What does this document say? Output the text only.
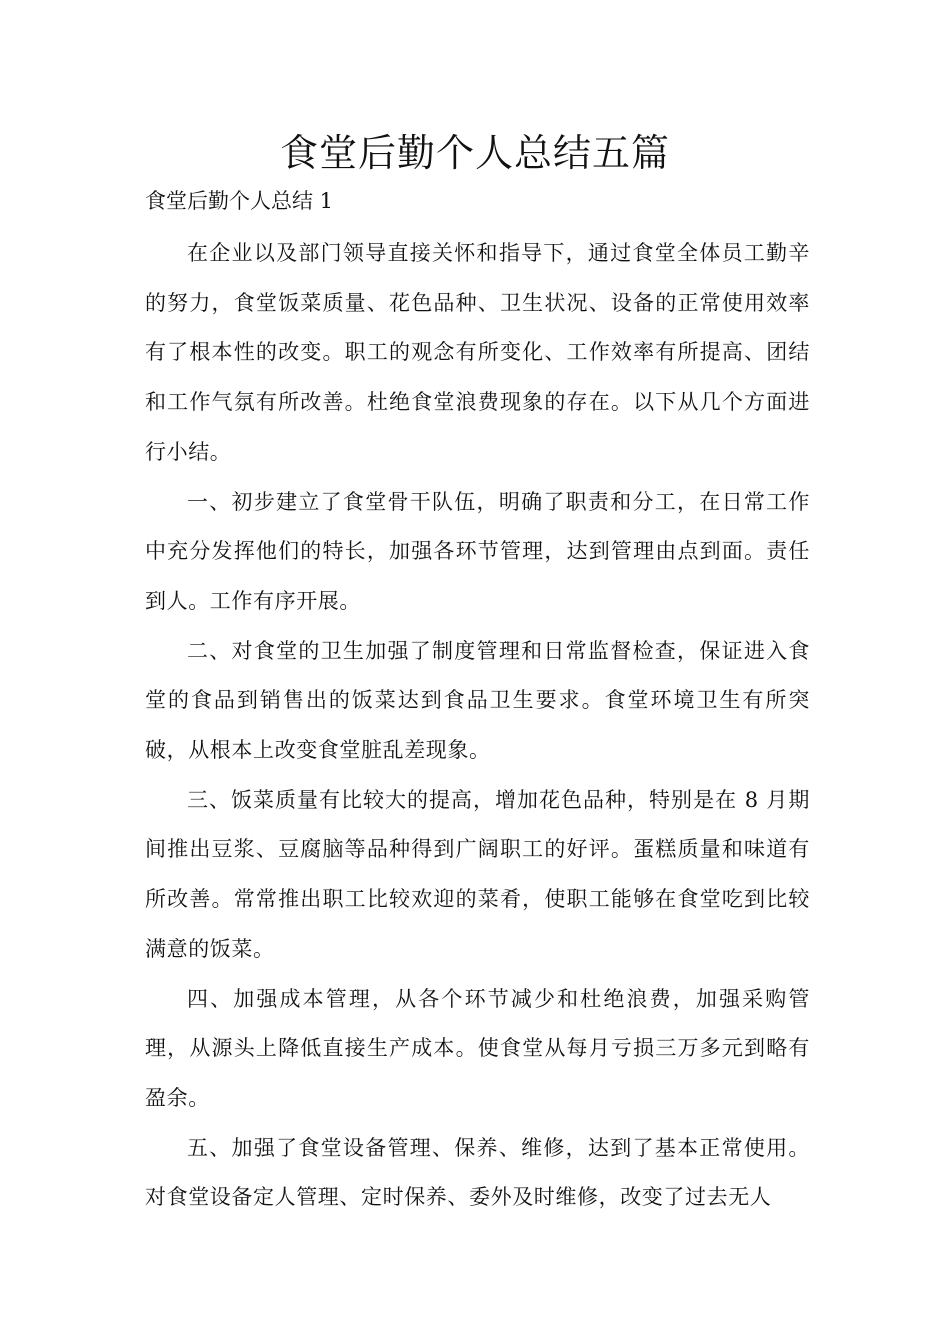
食堂后勤个人总结五篇
食堂后勤个人总结 1

在企业以及部门领导直接关怀和指导下，通过食堂全体员工勤辛的努力，食堂饭菜质量、花色品种、卫生状况、设备的正常使用效率有了根本性的改变。职工的观念有所变化、工作效率有所提高、团结和工作气氛有所改善。杜绝食堂浪费现象的存在。以下从几个方面进行小结。

一、初步建立了食堂骨干队伍，明确了职责和分工，在日常工作中充分发挥他们的特长，加强各环节管理，达到管理由点到面。责任到人。工作有序开展。

二、对食堂的卫生加强了制度管理和日常监督检查，保证进入食堂的食品到销售出的饭菜达到食品卫生要求。食堂环境卫生有所突破，从根本上改变食堂脏乱差现象。

三、饭菜质量有比较大的提高，增加花色品种，特别是在 8 月期间推出豆浆、豆腐脑等品种得到广阔职工的好评。蛋糕质量和味道有所改善。常常推出职工比较欢迎的菜肴，使职工能够在食堂吃到比较满意的饭菜。

四、加强成本管理，从各个环节减少和杜绝浪费，加强采购管理，从源头上降低直接生产成本。使食堂从每月亏损三万多元到略有盈余。

五、加强了食堂设备管理、保养、维修，达到了基本正常使用。对食堂设备定人管理、定时保养、委外及时维修，改变了过去无人
